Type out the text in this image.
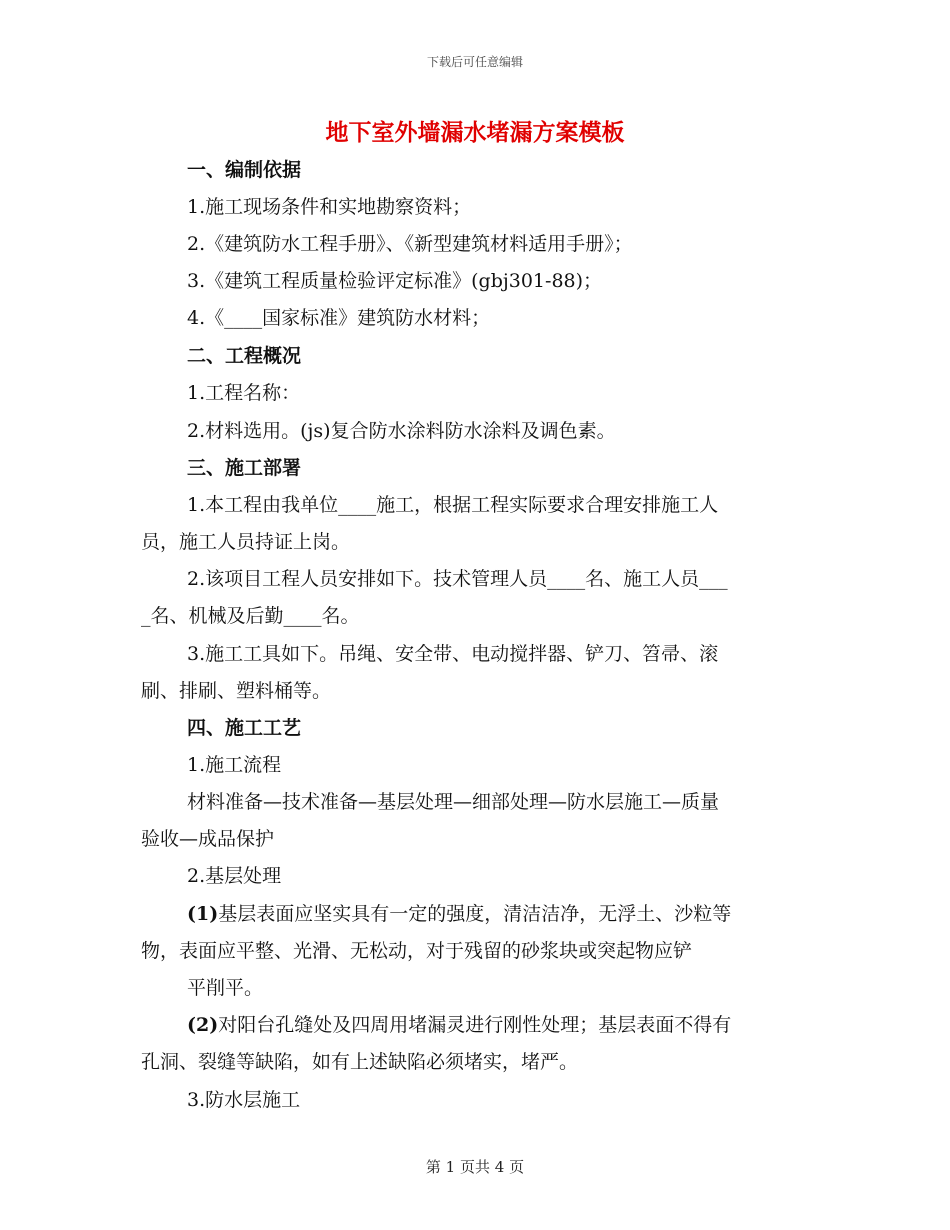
下载后可任意编辑
地下室外墙漏水堵漏方案模板
一、编制依据
1.施工现场条件和实地勘察资料；
2.《建筑防水工程手册》、《新型建筑材料适用手册》；
3.《建筑工程质量检验评定标准》(gbj301-88)；
4.《____国家标准》建筑防水材料；
二、工程概况
1.工程名称：
2.材料选用。(js)复合防水涂料防水涂料及调色素。
三、施工部署
1.本工程由我单位____施工，根据工程实际要求合理安排施工人
员，施工人员持证上岗。
2.该项目工程人员安排如下。技术管理人员____名、施工人员___
_名、机械及后勤____名。
3.施工工具如下。吊绳、安全带、电动搅拌器、铲刀、笤帚、滚
刷、排刷、塑料桶等。
四、施工工艺
1.施工流程
材料准备—技术准备—基层处理—细部处理—防水层施工—质量
验收—成品保护
2.基层处理
(1)基层表面应坚实具有一定的强度，清洁洁净，无浮土、沙粒等
物，表面应平整、光滑、无松动，对于残留的砂浆块或突起物应铲
平削平。
(2)对阳台孔缝处及四周用堵漏灵进行刚性处理；基层表面不得有
孔洞、裂缝等缺陷，如有上述缺陷必须堵实，堵严。
3.防水层施工
第 1 页共 4 页
